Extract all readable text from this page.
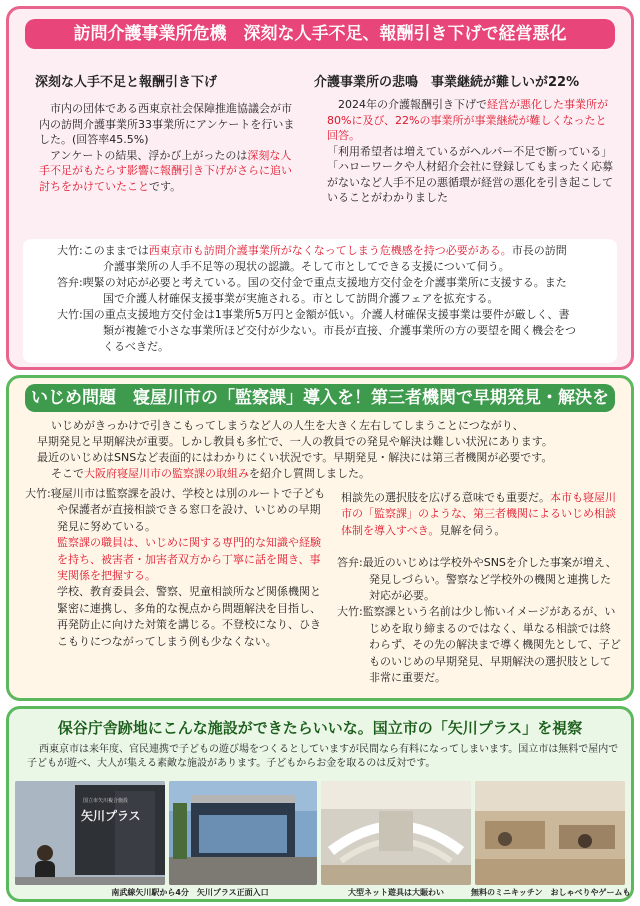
訪問介護事業所危機　深刻な人手不足、報酬引き下げで経営悪化
深刻な人手不足と報酬引き下げ
市内の団体である西東京社会保障推進協議会が市内の訪問介護事業所33事業所にアンケートを行いました。(回答率45.5%)
アンケートの結果、浮かび上がったのは深刻な人手不足がもたらす影響に報酬引き下げがさらに追い討ちをかけていたことです。
介護事業所の悲鳴　事業継続が難しいが22%
2024年の介護報酬引き下げで経営が悪化した事業所が80%に及び、22%の事業所が事業継続が難しくなったと回答。
「利用希望者は増えているがヘルパー不足で断っている」「ハローワークや人材紹介会社に登録してもまったく応募がないなど人手不足の悪循環が経営の悪化を引き起こしていることがわかりました
大竹:このままでは西東京市も訪問介護事業所がなくなってしまう危機感を持つ必要がある。市長の訪問介護事業所の人手不足等の現状の認識。そして市としてできる支援について伺う。
答弁:喫緊の対応が必要と考えている。国の交付金で重点支援地方交付金を介護事業所に支援する。また国で介護人材確保支援事業が実施される。市として訪問介護フェアを拡充する。
大竹:国の重点支援地方交付金は1事業所5万円と金額が低い。介護人材確保支援事業は要件が厳しく、書類が複雑で小さな事業所ほど交付が少ない。市長が直接、介護事業所の方の要望を聞く機会をつくるべきだ。
いじめ問題　寝屋川市の「監察課」導入を！第三者機関で早期発見・解決を
いじめがきっかけで引きこもってしまうなど人の人生を大きく左右してしまうことにつながり、
早期発見と早期解決が重要。しかし教員も多忙で、一人の教員での発見や解決は難しい状況にあります。
最近のいじめはSNSなど表面的にはわかりにくい状況です。早期発見・解決には第三者機関が必要です。
そこで大阪府寝屋川市の監察課の取組みを紹介し質問しました。
大竹:寝屋川市は監察課を設け、学校とは別のルートで子どもや保護者が直接相談できる窓口を設け、いじめの早期発見に努めている。
監察課の職員は、いじめに関する専門的な知識や経験を持ち、被害者・加害者双方から丁寧に話を聞き、事実関係を把握する。
学校、教育委員会、警察、児童相談所など関係機関と緊密に連携し、多角的な視点から問題解決を目指し、再発防止に向けた対策を講じる。不登校になり、ひきこもりにつながってしまう例も少なくない。
相談先の選択肢を広げる意味でも重要だ。本市も寝屋川市の「監察課」のような、第三者機関によるいじめ相談体制を導入すべき。見解を伺う。
答弁:最近のいじめは学校外やSNSを介した事案が増え、発見しづらい。警察など学校外の機関と連携した対応が必要。
大竹:監察課という名前は少し怖いイメージがあるが、いじめを取り締まるのではなく、単なる相談では終わらず、その先の解決まで導く機関先として、子どものいじめの早期発見、早期解決の選択肢として非常に重要だ。
保谷庁舎跡地にこんな施設ができたらいいな。国立市の「矢川プラス」を視察
西東京市は来年度、官民連携で子どもの遊び場をつくるとしていますが民間なら有料になってしまいます。国立市は無料で屋内で子どもが遊べ、大人が集える素敵な施設があります。子どもからお金を取るのは反対です。
国立市矢川複合施設
矢川プラス
南武線矢川駅から4分　矢川プラス正面入口	大型ネット遊具は大賑わい	無料のミニキッチン　おしゃべりやゲームも
